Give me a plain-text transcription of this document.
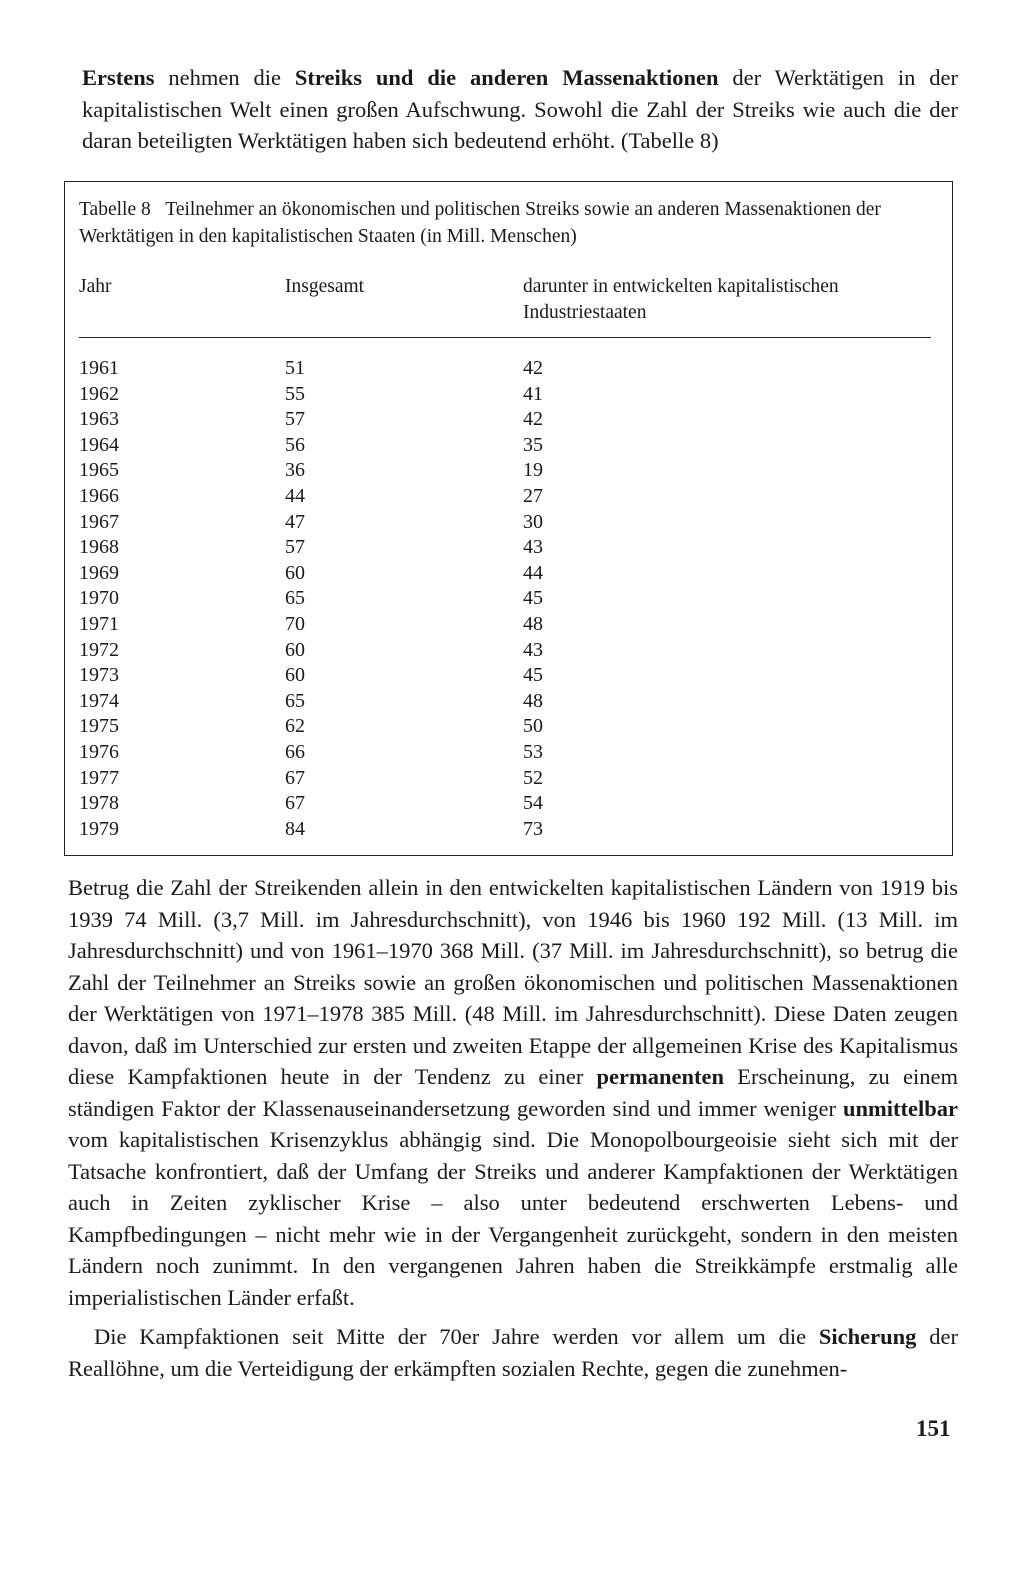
Erstens nehmen die Streiks und die anderen Massenaktionen der Werktätigen in der kapitalistischen Welt einen großen Aufschwung. Sowohl die Zahl der Streiks wie auch die der daran beteiligten Werktätigen haben sich bedeutend erhöht. (Tabelle 8)

Tabelle 8 Teilnehmer an ökonomischen und politischen Streiks sowie an anderen Massenaktionen der Werktätigen in den kapitalistischen Staaten (in Mill. Menschen)
Jahr	Insgesamt	darunter in entwickelten kapitalistischen Industriestaaten
1961	51	42
1962	55	41
1963	57	42
1964	56	35
1965	36	19
1966	44	27
1967	47	30
1968	57	43
1969	60	44
1970	65	45
1971	70	48
1972	60	43
1973	60	45
1974	65	48
1975	62	50
1976	66	53
1977	67	52
1978	67	54
1979	84	73

Betrug die Zahl der Streikenden allein in den entwickelten kapitalistischen Ländern von 1919 bis 1939 74 Mill. (3,7 Mill. im Jahresdurchschnitt), von 1946 bis 1960 192 Mill. (13 Mill. im Jahresdurchschnitt) und von 1961–1970 368 Mill. (37 Mill. im Jahresdurchschnitt), so betrug die Zahl der Teilnehmer an Streiks sowie an großen ökonomischen und politischen Massenaktionen der Werktätigen von 1971–1978 385 Mill. (48 Mill. im Jahresdurchschnitt). Diese Daten zeugen davon, daß im Unterschied zur ersten und zweiten Etappe der allgemeinen Krise des Kapitalismus diese Kampfaktionen heute in der Tendenz zu einer permanenten Erscheinung, zu einem ständigen Faktor der Klassenauseinandersetzung geworden sind und immer weniger unmittelbar vom kapitalistischen Krisenzyklus abhängig sind. Die Monopolbourgeoisie sieht sich mit der Tatsache konfrontiert, daß der Umfang der Streiks und anderer Kampfaktionen der Werktätigen auch in Zeiten zyklischer Krise – also unter bedeutend erschwerten Lebens- und Kampfbedingungen – nicht mehr wie in der Vergangenheit zurückgeht, sondern in den meisten Ländern noch zunimmt. In den vergangenen Jahren haben die Streikkämpfe erstmalig alle imperialistischen Länder erfaßt.

Die Kampfaktionen seit Mitte der 70er Jahre werden vor allem um die Sicherung der Reallöhne, um die Verteidigung der erkämpften sozialen Rechte, gegen die zunehmen-

151
